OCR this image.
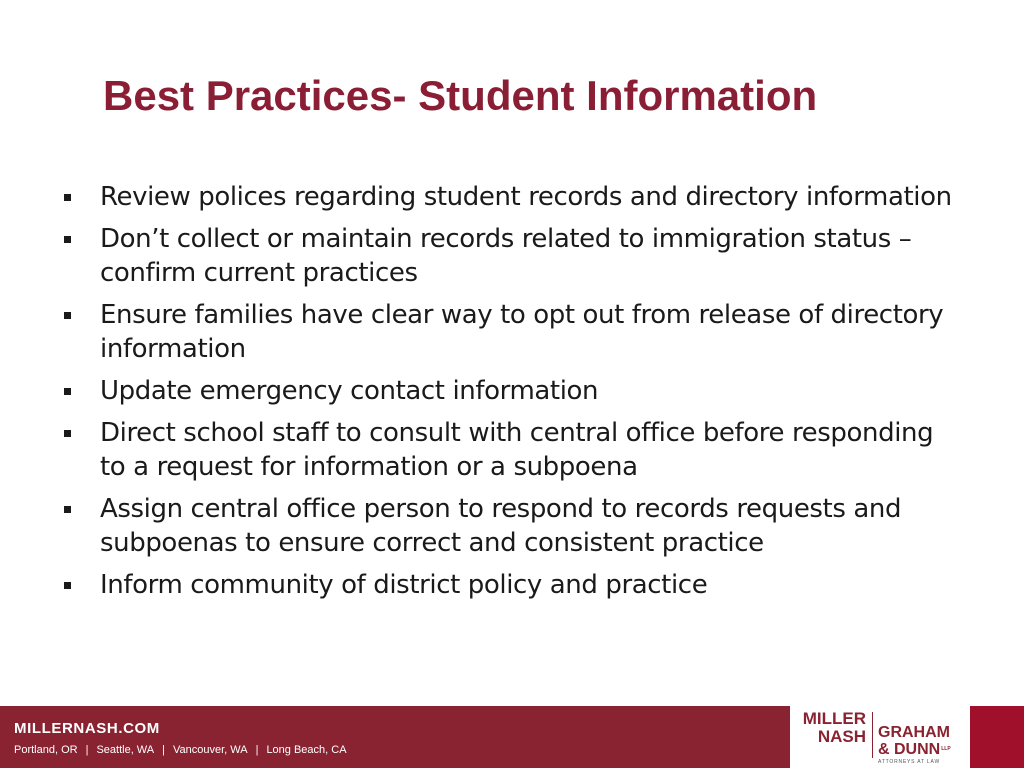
Best Practices- Student Information
Review polices regarding student records and directory information
Don’t collect or maintain records related to immigration status – confirm current practices
Ensure families have clear way to opt out from release of directory information
Update emergency contact information
Direct school staff to consult with central office before responding to a request for information or a subpoena
Assign central office person to respond to records requests and subpoenas to ensure correct and consistent practice
Inform community of district policy and practice
MILLERNASH.COM
Portland, OR | Seattle, WA | Vancouver, WA | Long Beach, CA
MILLER
NASH GRAHAM
& $DUNN^{LLP}$
ATTORNEYS AT LAW
